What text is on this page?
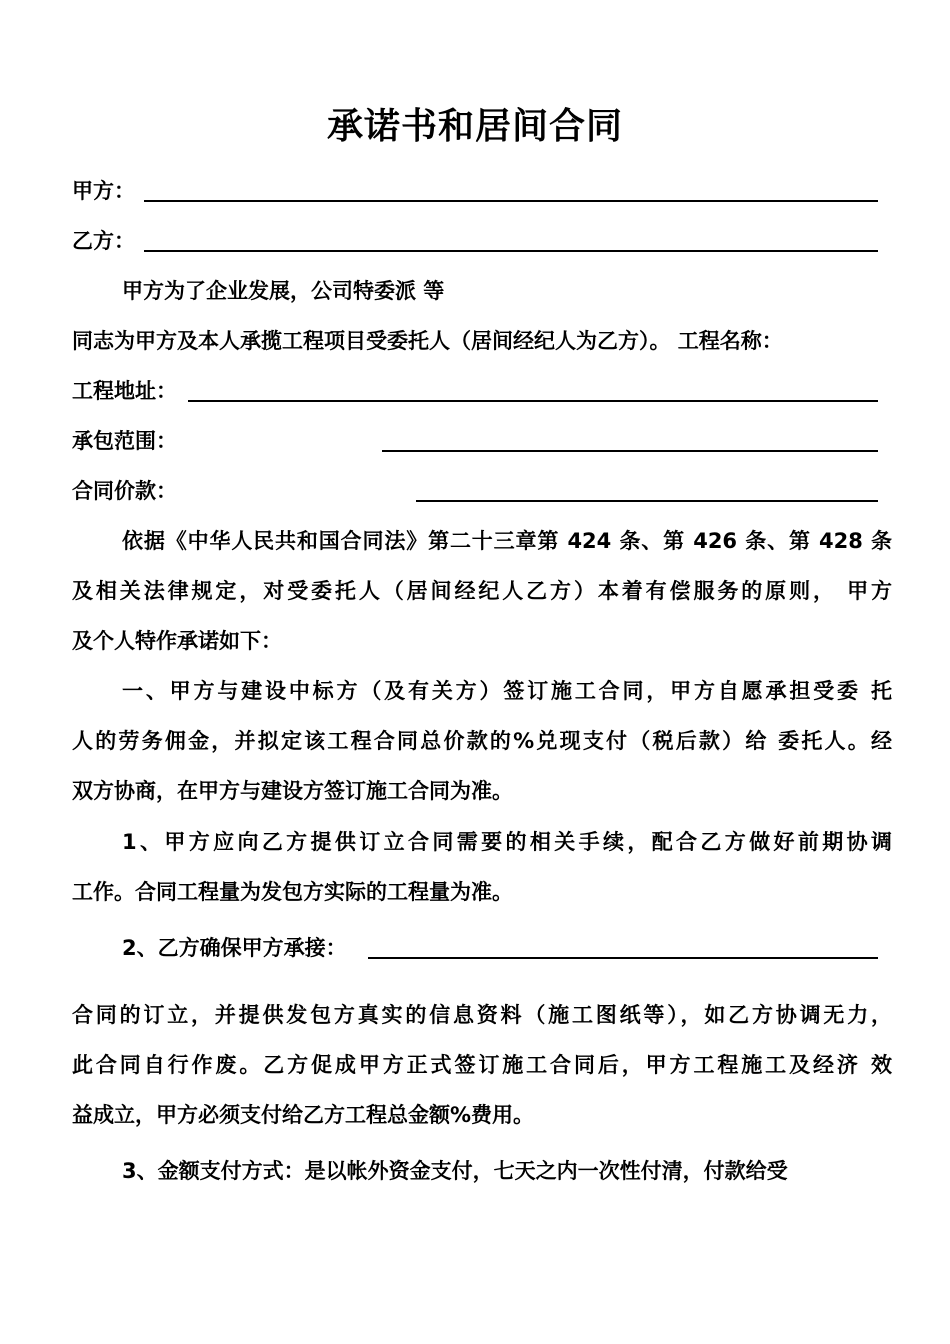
承诺书和居间合同
甲方：
乙方：
甲方为了企业发展，公司特委派 等
同志为甲方及本人承揽工程项目受委托人（居间经纪人为乙方）。 工程名称：
工程地址：
承包范围：
合同价款：
依据《中华人民共和国合同法》第二十三章第 424 条、第 426 条、第 428 条
及相关法律规定，对受委托人（居间经纪人乙方）本着有偿服务的原则， 甲方
及个人特作承诺如下：
一、甲方与建设中标方（及有关方）签订施工合同，甲方自愿承担受委 托
人的劳务佣金，并拟定该工程合同总价款的%兑现支付（税后款）给 委托人。经
双方协商，在甲方与建设方签订施工合同为准。
1、甲方应向乙方提供订立合同需要的相关手续，配合乙方做好前期协调
工作。合同工程量为发包方实际的工程量为准。
2、乙方确保甲方承接：
合同的订立，并提供发包方真实的信息资料（施工图纸等），如乙方协调无力，
此合同自行作废。乙方促成甲方正式签订施工合同后，甲方工程施工及经济 效
益成立，甲方必须支付给乙方工程总金额%费用。
3、金额支付方式：是以帐外资金支付，七天之内一次性付清，付款给受
